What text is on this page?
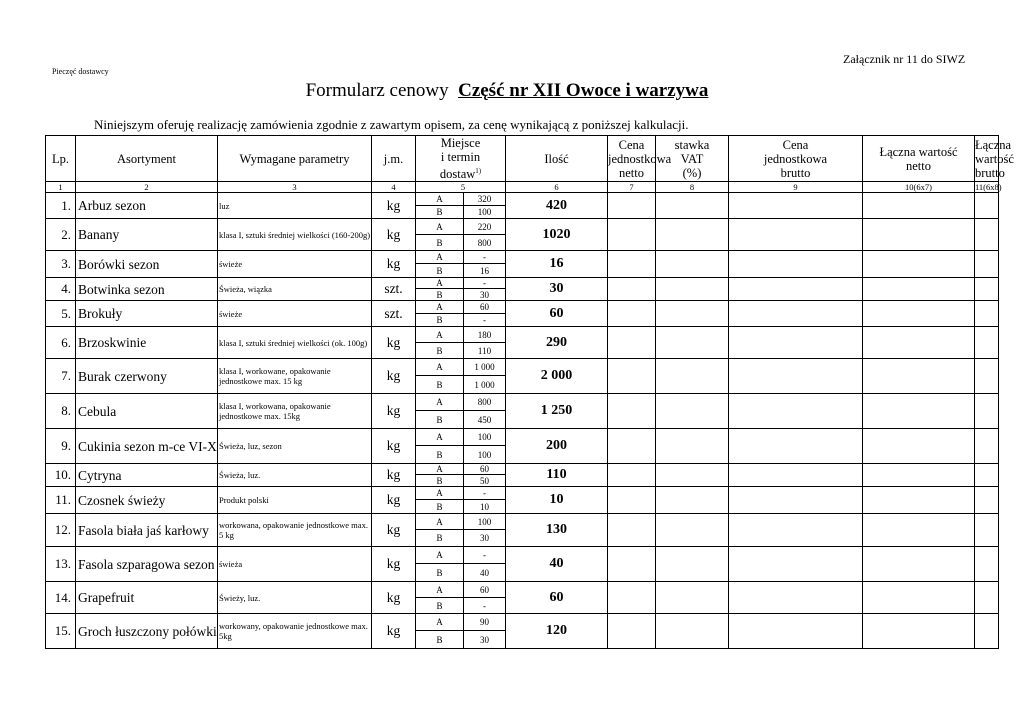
Załącznik nr 11 do SIWZ
Pieczęć dostawcy
Formularz cenowy Część nr XII Owoce i warzywa
Niniejszym oferuję realizację zamówienia zgodnie z zawartym opisem, za cenę wynikającą z poniższej kalkulacji.
Lp.	Asortyment	Wymagane parametry	j.m.	Miejsce
i termin
dostaw$^{1)}$		Ilość	Cena
jednostkowa
netto	stawka
VAT
(%)	Cena
jednostkowa
brutto	Łączna wartość
netto	Łączna wartość
brutto
1	2	3	4	5		6	7	8	9	10(6x7)	11(6x8)
1.	Arbuz sezon	luz	kg	A	320	420					
				B	100						
2.	Banany	klasa I, sztuki średniej wielkości (160-200g)	kg	A	220	1020					
				B	800						
3.	Borówki sezon	świeże	kg	A	-	16					
				B	16						
4.	Botwinka sezon	Świeża, wiązka	szt.	A	-	30					
				B	30						
5.	Brokuły	świeże	szt.	A	60	60					
				B	-						
6.	Brzoskwinie	klasa I, sztuki średniej wielkości (ok. 100g)	kg	A	180	290					
				B	110						
7.	Burak czerwony	klasa I, workowane, opakowanie jednostkowe max. 15 kg	kg	A	1 000	2 000					
				B	1 000						
8.	Cebula	klasa I, workowana, opakowanie jednostkowe max. 15kg	kg	A	800	1 250					
				B	450						
9.	Cukinia sezon m-ce VI-X	Świeża, luz, sezon	kg	A	100	200					
				B	100						
10.	Cytryna	Świeża, luz.	kg	A	60	110					
				B	50						
11.	Czosnek świeży	Produkt polski	kg	A	-	10					
				B	10						
12.	Fasola biała jaś karłowy	workowana, opakowanie jednostkowe max. 5 kg	kg	A	100	130					
				B	30						
13.	Fasola szparagowa sezon	świeża	kg	A	-	40					
				B	40						
14.	Grapefruit	Świeży, luz.	kg	A	60	60					
				B	-						
15.	Groch łuszczony połówki	workowany, opakowanie jednostkowe max. 5kg	kg	A	90	120					
				B	30						
